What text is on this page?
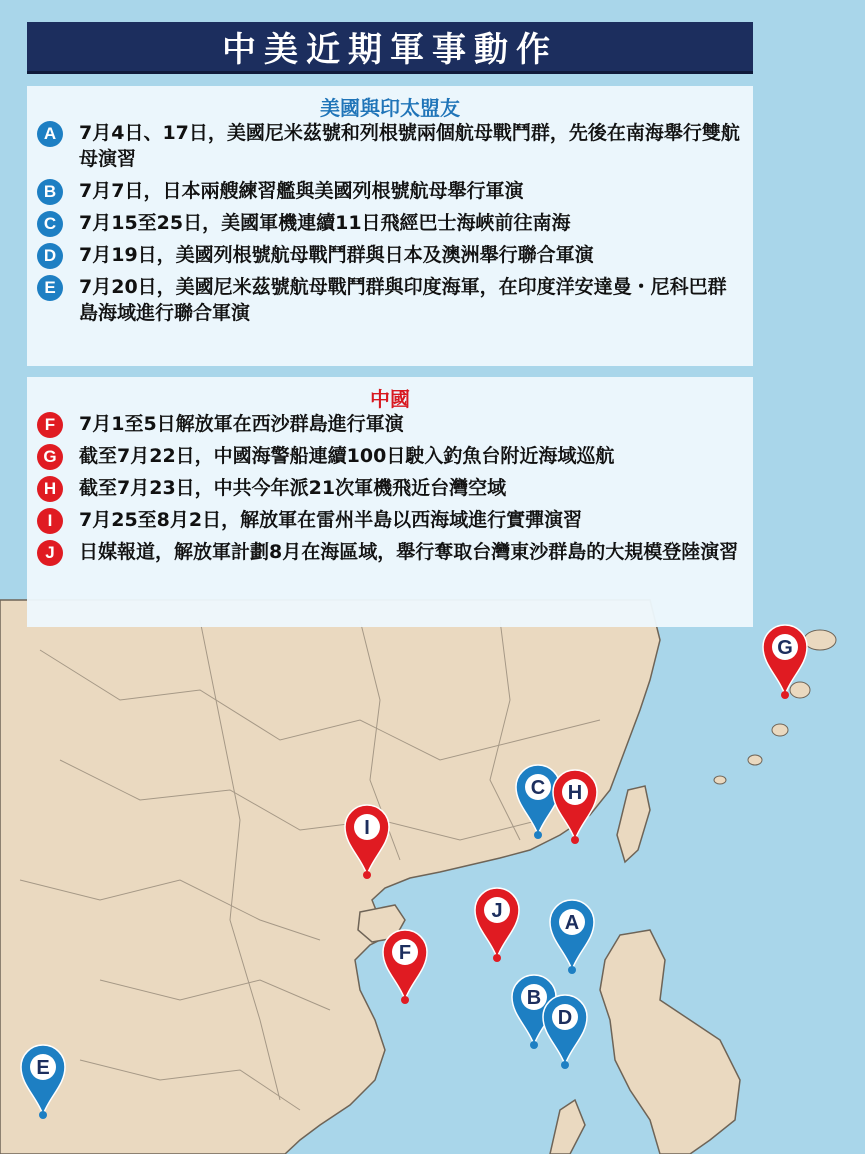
中美近期軍事動作
美國與印太盟友
A	7月4日、17日，美國尼米茲號和列根號兩個航母戰鬥群，先後在南海舉行雙航母演習
B	7月7日，日本兩艘練習艦與美國列根號航母舉行軍演
C	7月15至25日，美國軍機連續11日飛經巴士海峽前往南海
D	7月19日，美國列根號航母戰鬥群與日本及澳洲舉行聯合軍演
E	7月20日，美國尼米茲號航母戰鬥群與印度海軍，在印度洋安達曼・尼科巴群島海域進行聯合軍演
中國
F	7月1至5日解放軍在西沙群島進行軍演
G	截至7月22日，中國海警船連續100日駛入釣魚台附近海域巡航
H	截至7月23日，中共今年派21次軍機飛近台灣空域
I	7月25至8月2日，解放軍在雷州半島以西海域進行實彈演習
J	日媒報道，解放軍計劃8月在海區域，舉行奪取台灣東沙群島的大規模登陸演習
A
B
C
D
E
F
G
H
I
J
